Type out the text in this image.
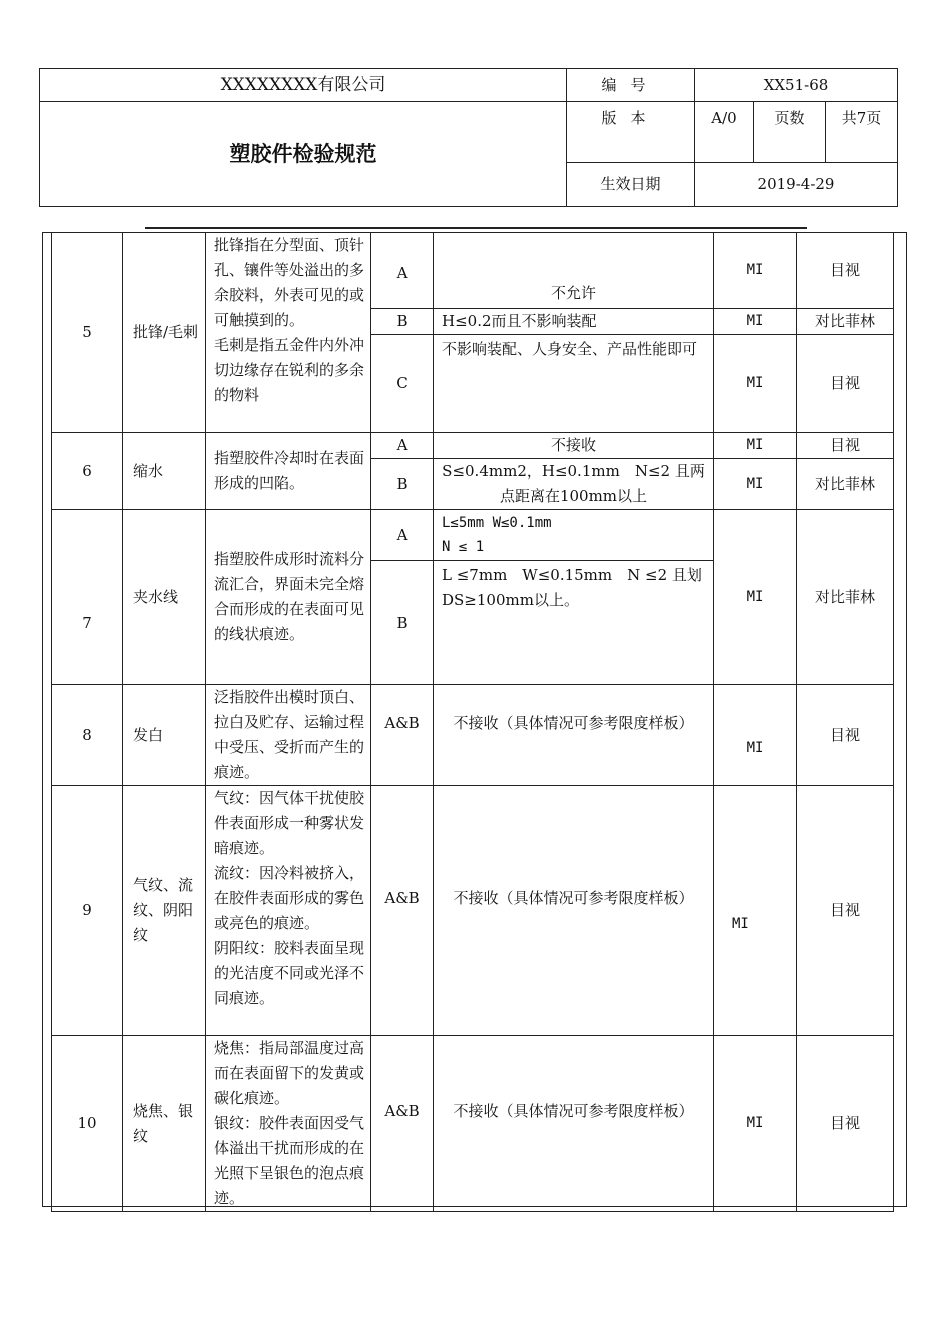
XXXXXXXX有限公司	编号	XX51-68		
塑胶件检验规范	版本	A/0	页数	共7页
	生效日期	2019-4-29		
5	批锋/毛刺	批锋指在分型面、顶针孔、镶件等处溢出的多余胶料，外表可见的或可触摸到的。
毛刺是指五金件内外冲切边缘存在锐利的多余的物料	A	不允许	MI	目视
			B	H≤0.2而且不影响装配	MI	对比菲林
			C	不影响装配、人身安全、产品性能即可	MI	目视
6	缩水	指塑胶件冷却时在表面形成的凹陷。	A	不接收	MI	目视
			B	S≤0.4mm2，H≤0.1mm　N≤2 且两点距离在100mm以上	MI	对比菲林
7	夹水线	指塑胶件成形时流料分流汇合，界面未完全熔合而形成的在表面可见的线状痕迹。	A	L≤5mm W≤0.1mm
N ≤ 1	MI	对比菲林
			B	L ≤7mm　W≤0.15mm　N ≤2 且划DS≥100mm以上。		
8	发白	泛指胶件出模时顶白、拉白及贮存、运输过程中受压、受折而产生的痕迹。	A&B	不接收（具体情况可参考限度样板）	MI	目视
9	气纹、流纹、阴阳纹	气纹：因气体干扰使胶件表面形成一种雾状发暗痕迹。
流纹：因冷料被挤入，在胶件表面形成的雾色或亮色的痕迹。
阴阳纹：胶料表面呈现的光洁度不同或光泽不同痕迹。	A&B	不接收（具体情况可参考限度样板）	MI	目视
10	烧焦、银纹	烧焦：指局部温度过高而在表面留下的发黄或碳化痕迹。
银纹：胶件表面因受气体溢出干扰而形成的在光照下呈银色的泡点痕迹。	A&B	不接收（具体情况可参考限度样板）	MI	目视
